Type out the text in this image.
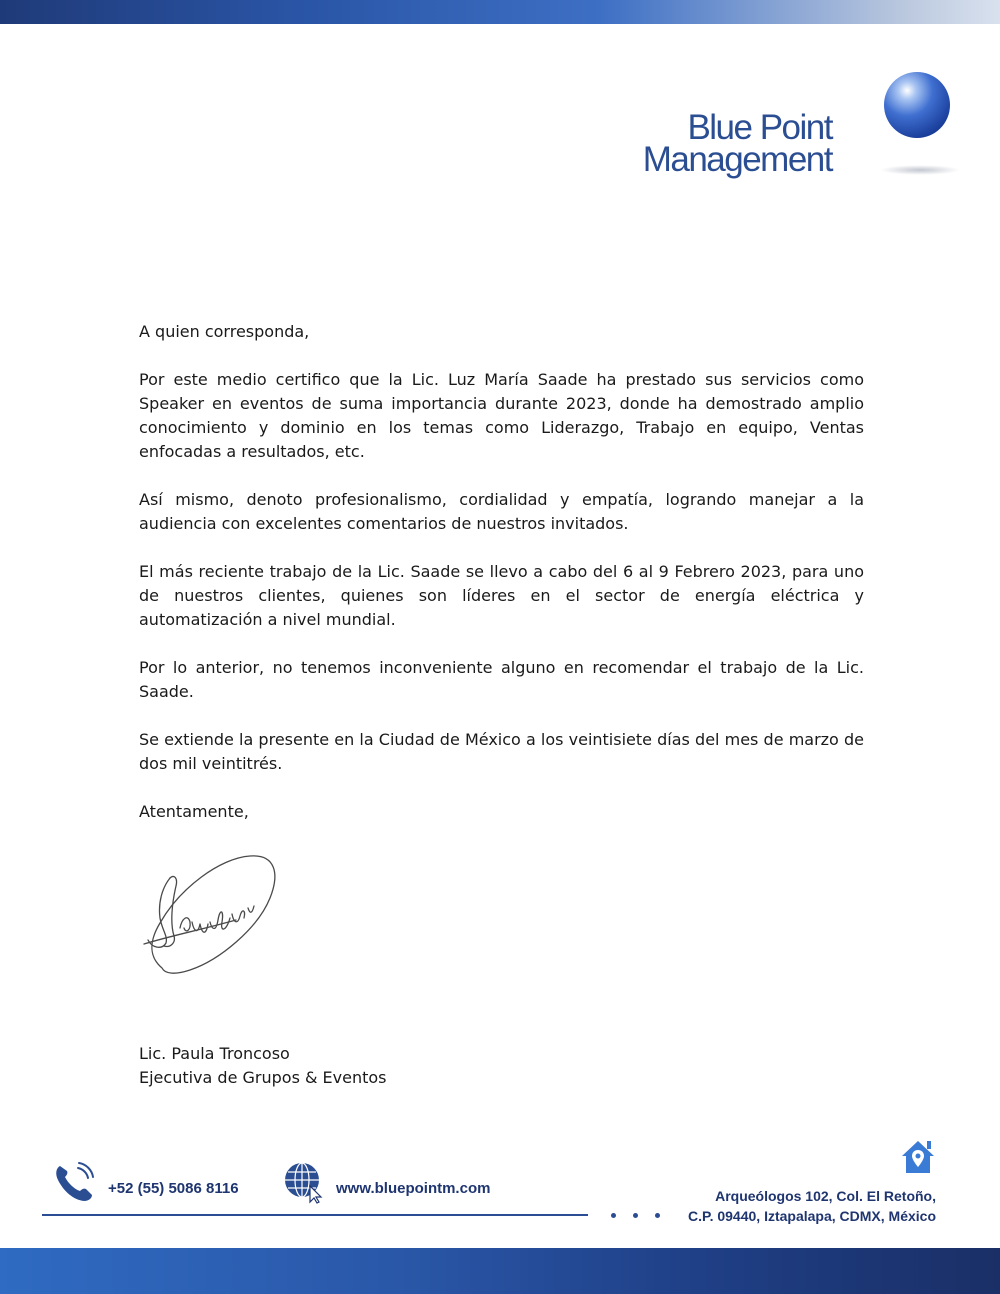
Blue Point
Management

A quien corresponda,

Por este medio certifico que la Lic. Luz María Saade ha prestado sus servicios como Speaker en eventos de suma importancia durante 2023, donde ha demostrado amplio conocimiento y dominio en los temas como Liderazgo, Trabajo en equipo, Ventas enfocadas a resultados, etc.

Así mismo, denoto profesionalismo, cordialidad y empatía, logrando manejar a la audiencia con excelentes comentarios de nuestros invitados.

El más reciente trabajo de la Lic. Saade se llevo a cabo del 6 al 9 Febrero 2023, para uno de nuestros clientes, quienes son líderes en el sector de energía eléctrica y automatización a nivel mundial.

Por lo anterior, no tenemos inconveniente alguno en recomendar el trabajo de la Lic. Saade.

Se extiende la presente en la Ciudad de México a los veintisiete días del mes de marzo de dos mil veintitrés.

Atentamente,

Lic. Paula Troncoso
Ejecutiva de Grupos & Eventos
+52 (55) 5086 8116	www.bluepointm.com	Arqueólogos 102, Col. El Retoño,
C.P. 09440, Iztapalapa, CDMX, México
